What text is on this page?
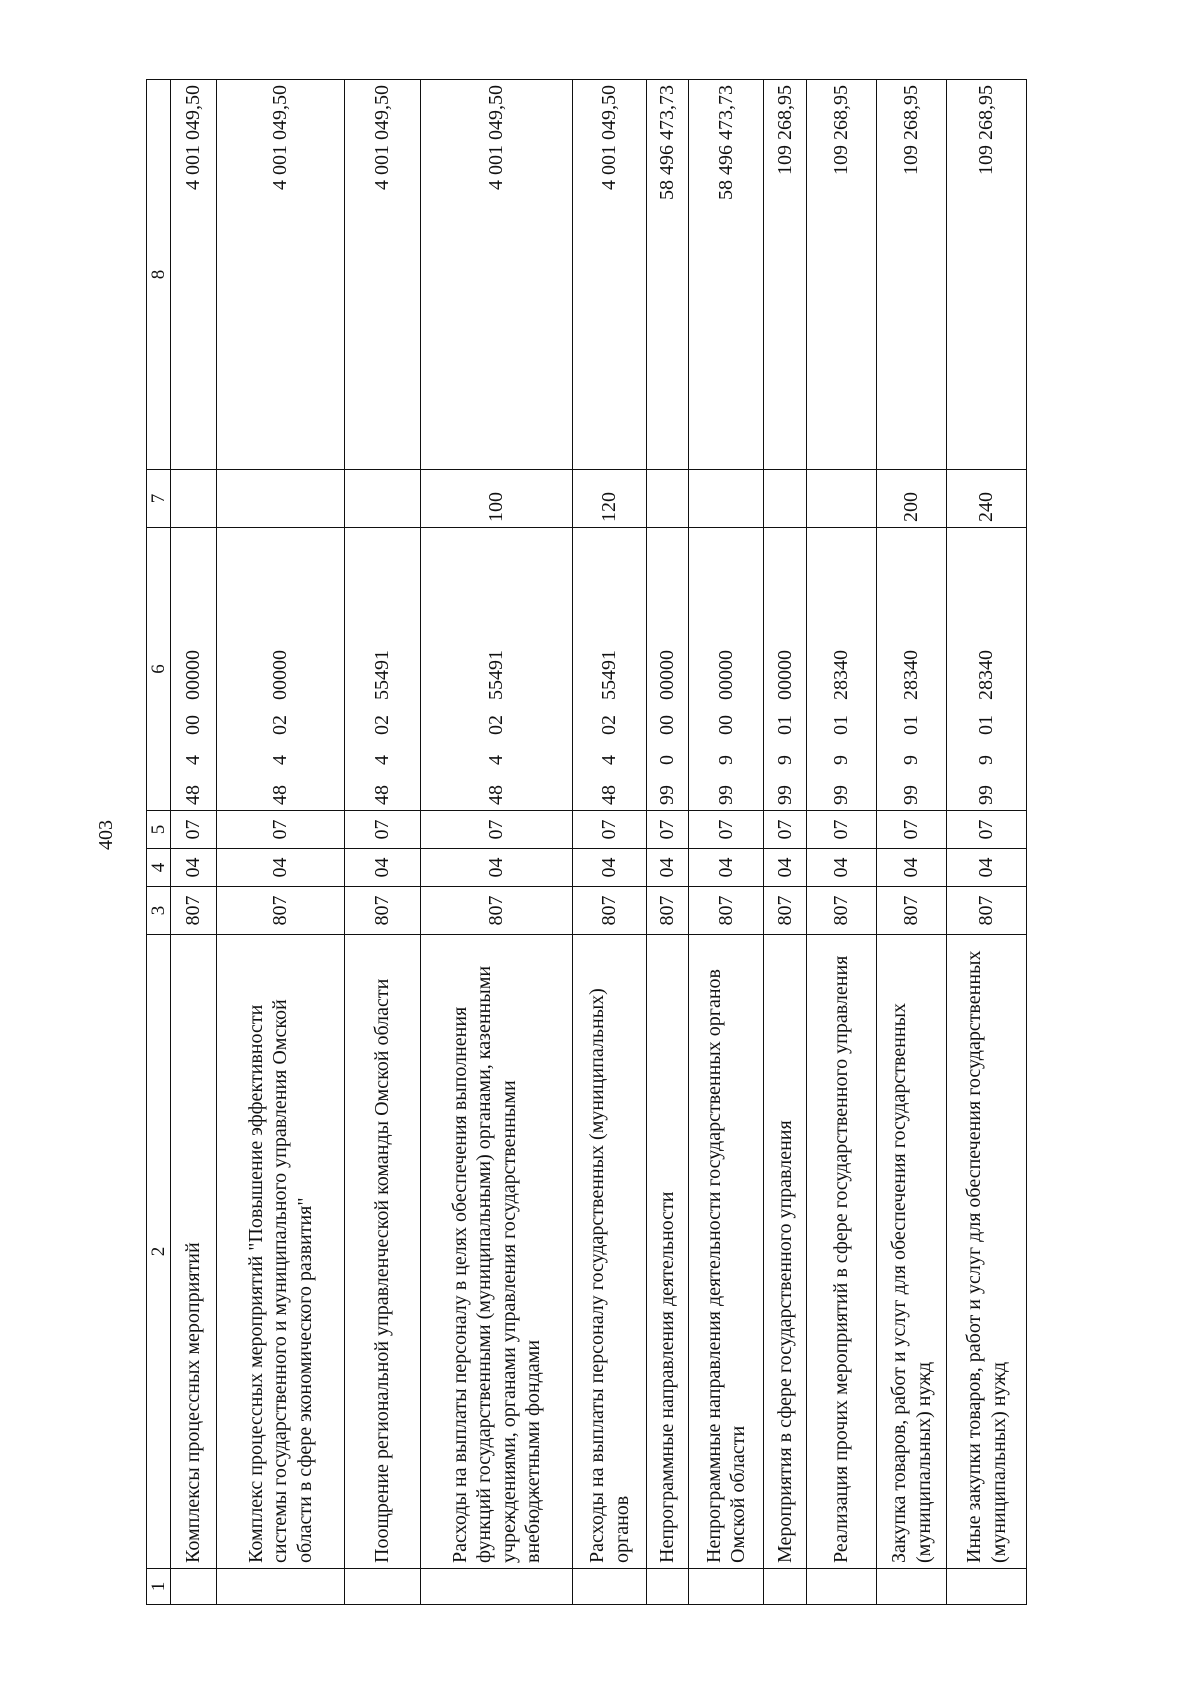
403
1	2	3	4	5	6	7	8
	Комплексы процессных мероприятий	807	04	07	48    4    00   00000		4 001 049,50
	Комплекс процессных мероприятий "Повышение эффективности системы государственного и муниципального управления Омской области в сфере экономического развития"	807	04	07	48    4    02   00000		4 001 049,50
	Поощрение региональной управленческой команды Омской области	807	04	07	48    4    02   55491		4 001 049,50
	Расходы на выплаты персоналу в целях обеспечения выполнения функций государственными (муниципальными) органами, казенными учреждениями, органами управления государственными внебюджетными фондами	807	04	07	48    4    02   55491	100	4 001 049,50
	Расходы на выплаты персоналу государственных (муниципальных) органов	807	04	07	48    4    02   55491	120	4 001 049,50
	Непрограммные направления деятельности	807	04	07	99    0    00   00000		58 496 473,73
	Непрограммные направления деятельности государственных органов Омской области	807	04	07	99    9    00   00000		58 496 473,73
	Мероприятия в сфере государственного управления	807	04	07	99    9    01   00000		109 268,95
	Реализация прочих мероприятий в сфере государственного управления	807	04	07	99    9    01   28340		109 268,95
	Закупка товаров, работ и услуг для обеспечения государственных (муниципальных) нужд	807	04	07	99    9    01   28340	200	109 268,95
	Иные закупки товаров, работ и услуг для обеспечения государственных (муниципальных) нужд	807	04	07	99    9    01   28340	240	109 268,95
